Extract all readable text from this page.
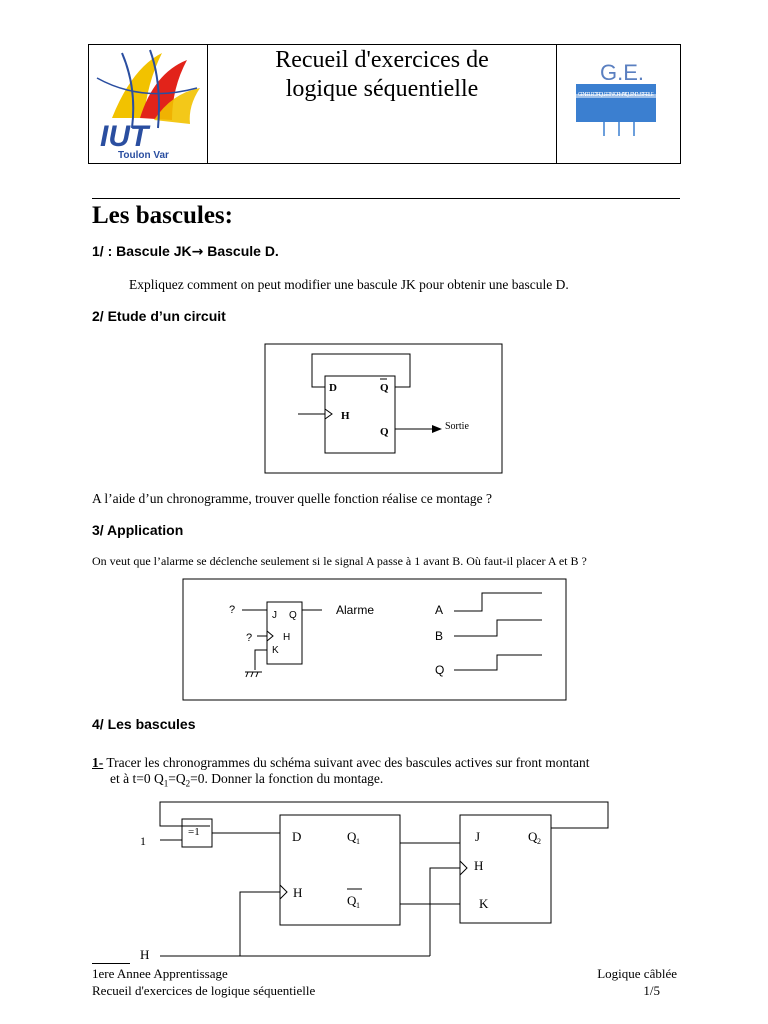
IUT
Toulon Var
Recueil d'exercices de
logique séquentielle
G.E.
GENIE ELECTRIQUE ET INFORMATIQUE INDUSTRIELLE
Les bascules:
1/ : Bascule JK→ Bascule D.
Expliquez comment on peut modifier une bascule JK pour obtenir une bascule D.
2/ Etude d’un circuit
D	Q
H
Q	Sortie
A l’aide d’un chronogramme, trouver quelle fonction réalise ce montage ?
3/ Application
On veut que l’alarme se déclenche seulement si le signal A passe à 1 avant B. Où faut-il placer A et B ?
?
?
J Q
H
K
Alarme	A
B
Q
4/ Les bascules
1- Tracer les chronogrammes du schéma suivant avec des bascules actives sur front montant
et à t=0 $Q_1=Q_2=0$. Donner la fonction du montage.
=1
1	D	Q 1
H
Q 1
J	Q 2
H
K
H
1ere Annee Apprentissage
Recueil d'exercices de logique séquentielle
Logique câblée
1/5
